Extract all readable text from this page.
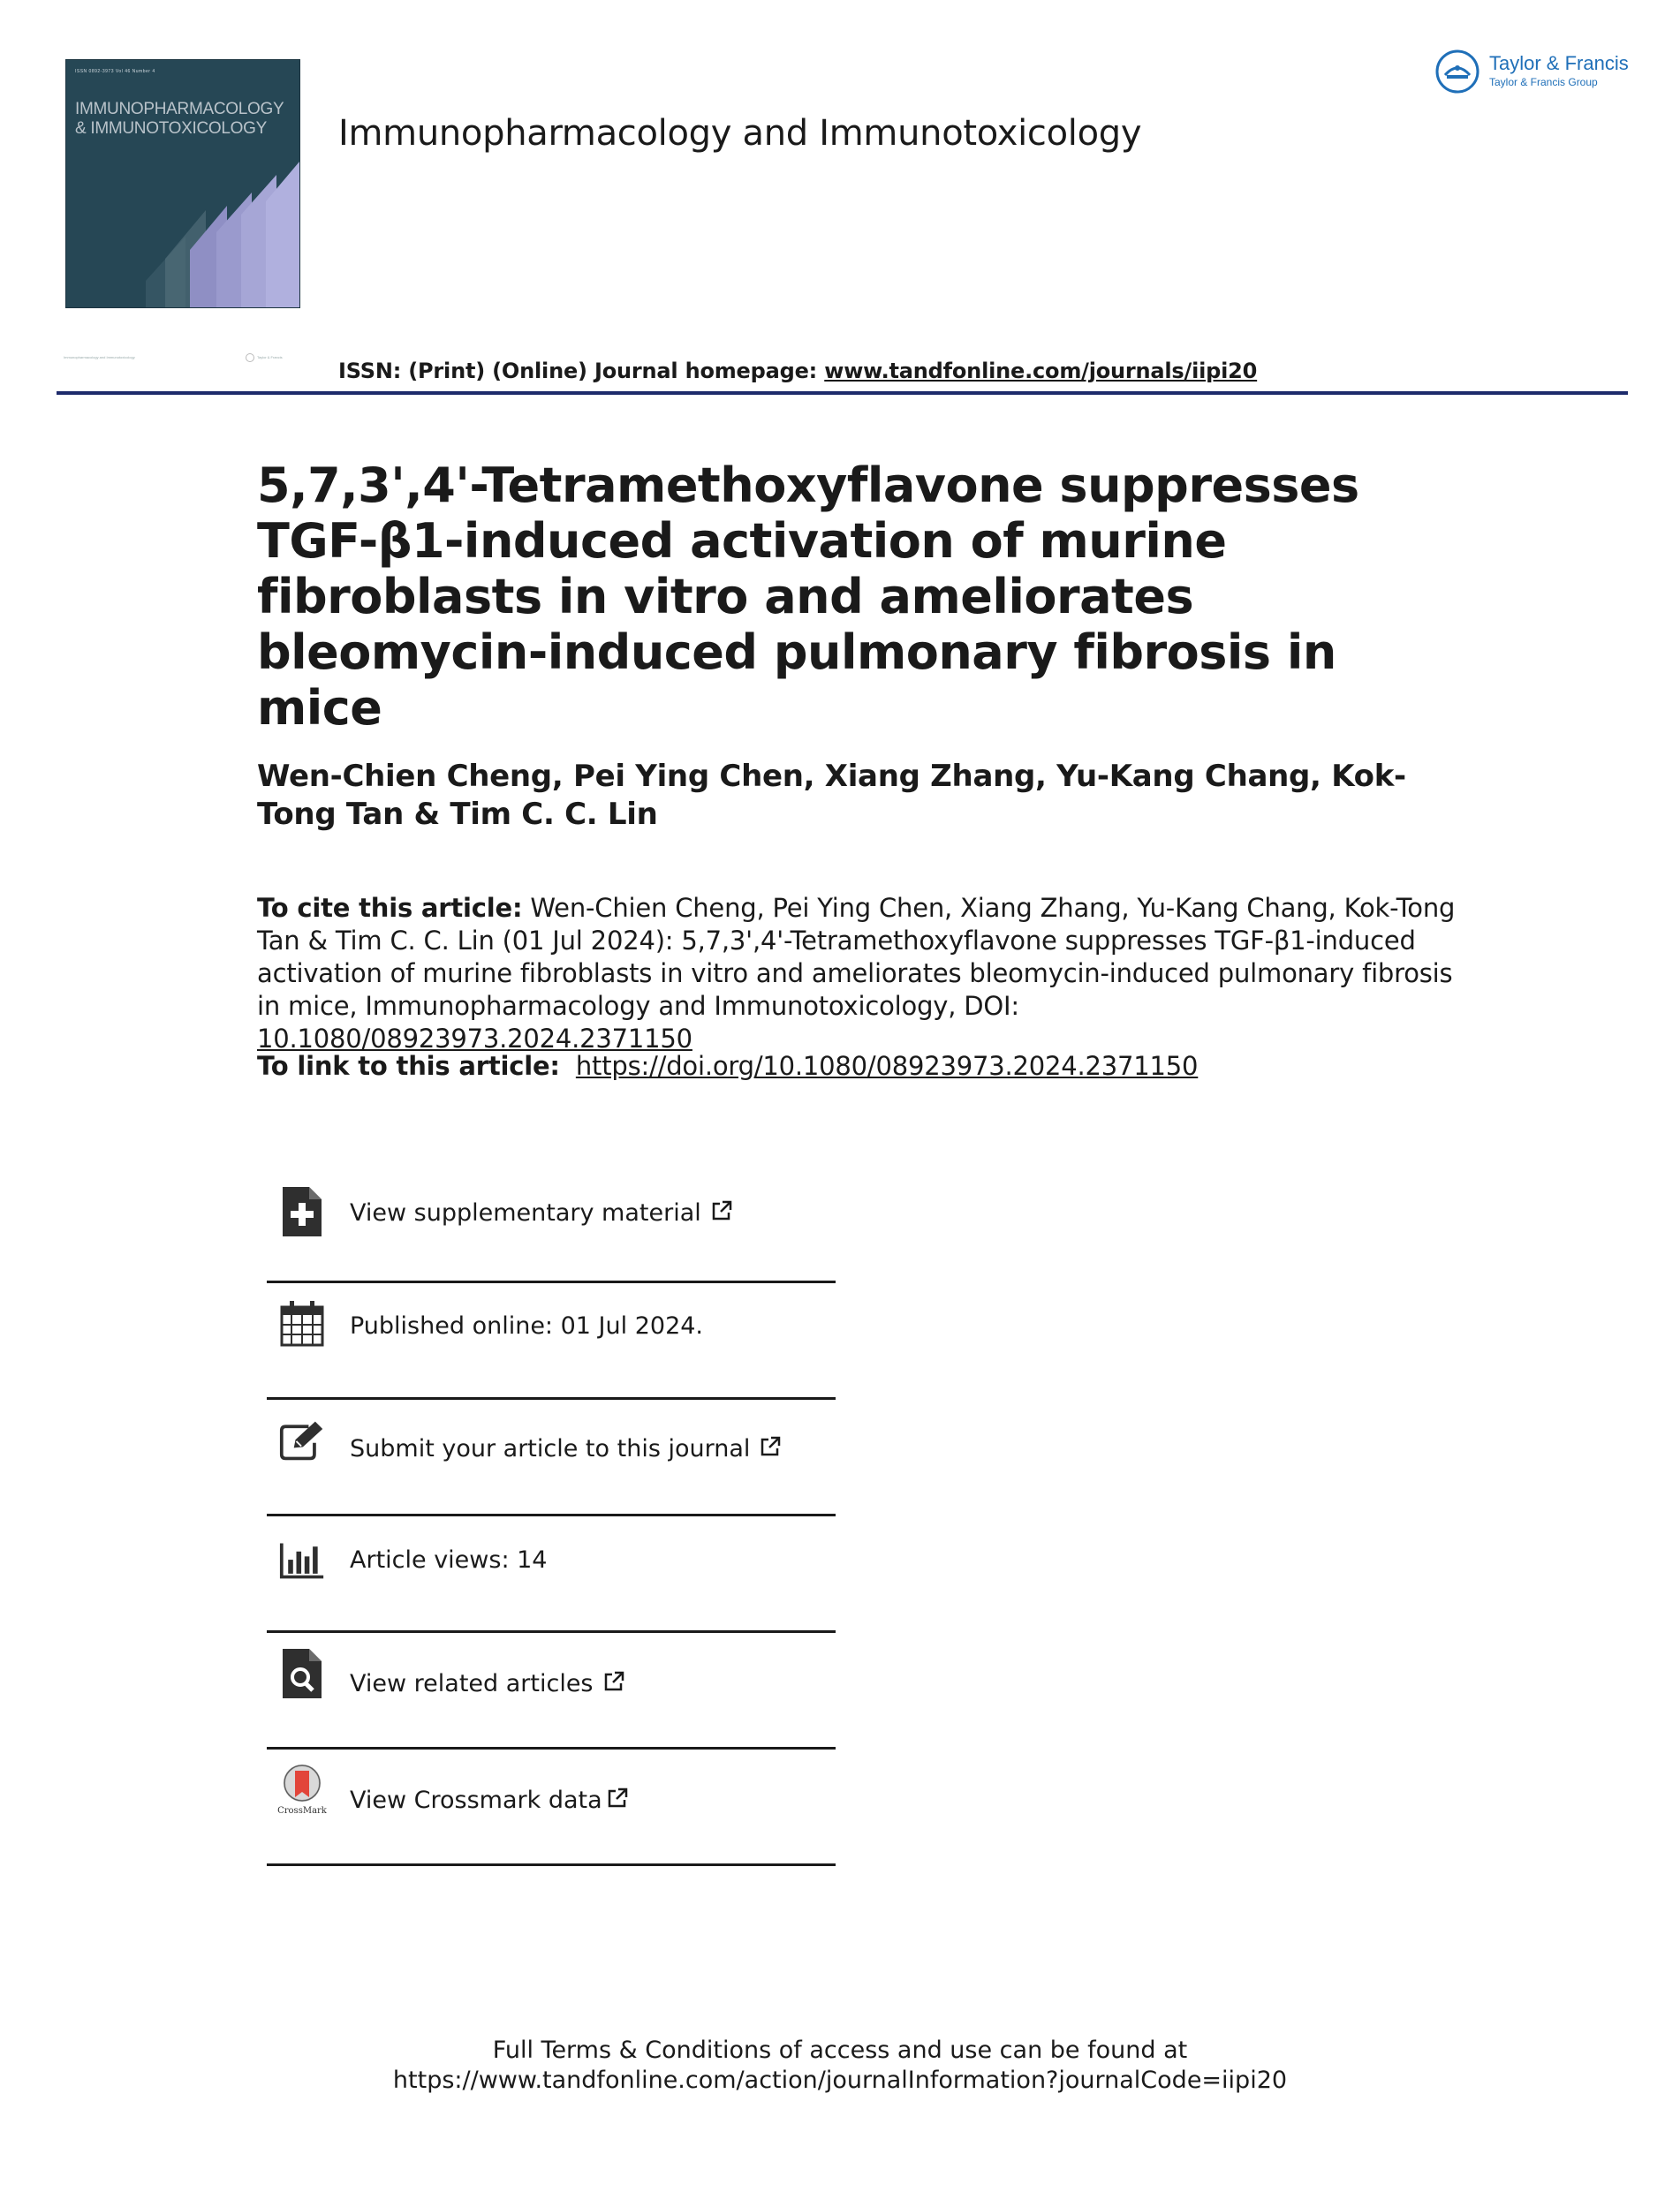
ISSN 0892-3973 Vol 46 Number 4
IMMUNOPHARMACOLOGY
& IMMUNOTOXICOLOGY	Immunopharmacology and Immunotoxicology
Taylor & Francis
Taylor & Francis Group
Immunopharmacology and Immunotoxicology	Taylor & Francis
ISSN: (Print) (Online) Journal homepage: www.tandfonline.com/journals/iipi20
5,7,3',4'-Tetramethoxyflavone suppresses TGF-β1-induced activation of murine fibroblasts in vitro and ameliorates bleomycin-induced pulmonary fibrosis in mice
Wen-Chien Cheng, Pei Ying Chen, Xiang Zhang, Yu-Kang Chang, Kok-Tong Tan & Tim C. C. Lin
To cite this article: Wen-Chien Cheng, Pei Ying Chen, Xiang Zhang, Yu-Kang Chang, Kok-Tong Tan & Tim C. C. Lin (01 Jul 2024): 5,7,3',4'-Tetramethoxyflavone suppresses TGF-β1-induced activation of murine fibroblasts in vitro and ameliorates bleomycin-induced pulmonary fibrosis in mice, Immunopharmacology and Immunotoxicology, DOI: 10.1080/08923973.2024.2371150
To link to this article: https://doi.org/10.1080/08923973.2024.2371150
View supplementary material
Published online: 01 Jul 2024.
Submit your article to this journal
Article views: 14
View related articles
CrossMark View Crossmark data
Full Terms & Conditions of access and use can be found at
https://www.tandfonline.com/action/journalInformation?journalCode=iipi20
